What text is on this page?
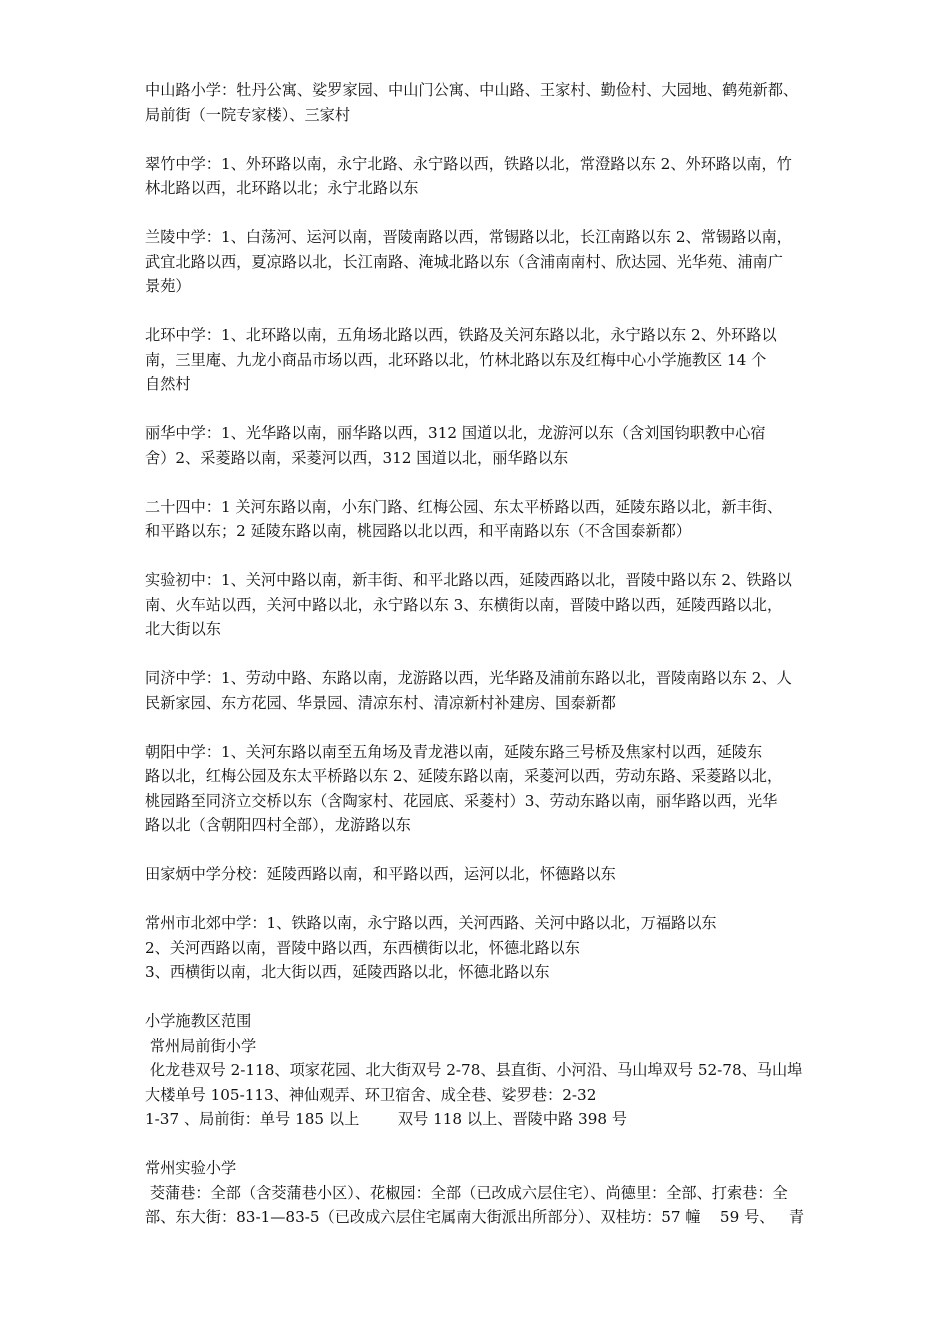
中山路小学：牡丹公寓、娑罗家园、中山门公寓、中山路、王家村、勤俭村、大园地、鹤苑新都、
局前街（一院专家楼）、三家村

翠竹中学：1、外环路以南，永宁北路、永宁路以西，铁路以北，常澄路以东 2、外环路以南，竹
林北路以西，北环路以北；永宁北路以东

兰陵中学：1、白荡河、运河以南，晋陵南路以西，常锡路以北，长江南路以东 2、常锡路以南，
武宜北路以西，夏凉路以北，长江南路、淹城北路以东（含浦南南村、欣达园、光华苑、浦南广
景苑）

北环中学：1、北环路以南，五角场北路以西，铁路及关河东路以北，永宁路以东 2、外环路以
南，三里庵、九龙小商品市场以西，北环路以北，竹林北路以东及红梅中心小学施教区 14 个
自然村

丽华中学：1、光华路以南，丽华路以西，312 国道以北，龙游河以东（含刘国钧职教中心宿
舍）2、采菱路以南，采菱河以西，312 国道以北，丽华路以东

二十四中：1 关河东路以南，小东门路、红梅公园、东太平桥路以西，延陵东路以北，新丰街、
和平路以东；2 延陵东路以南，桃园路以北以西，和平南路以东（不含国泰新都）

实验初中：1、关河中路以南，新丰街、和平北路以西，延陵西路以北，晋陵中路以东 2、铁路以
南、火车站以西，关河中路以北，永宁路以东 3、东横街以南，晋陵中路以西，延陵西路以北，
北大街以东

同济中学：1、劳动中路、东路以南，龙游路以西，光华路及浦前东路以北，晋陵南路以东 2、人
民新家园、东方花园、华景园、清凉东村、清凉新村补建房、国泰新都

朝阳中学：1、关河东路以南至五角场及青龙港以南，延陵东路三号桥及焦家村以西，延陵东
路以北，红梅公园及东太平桥路以东 2、延陵东路以南，采菱河以西，劳动东路、采菱路以北，
桃园路至同济立交桥以东（含陶家村、花园底、采菱村）3、劳动东路以南，丽华路以西，光华
路以北（含朝阳四村全部），龙游路以东

田家炳中学分校：延陵西路以南，和平路以西，运河以北，怀德路以东

常州市北郊中学：1、铁路以南，永宁路以西，关河西路、关河中路以北，万福路以东
2、关河西路以南，晋陵中路以西，东西横街以北，怀德北路以东
3、西横街以南，北大街以西，延陵西路以北，怀德北路以东

小学施教区范围
常州局前街小学
化龙巷双号 2-118、项家花园、北大街双号 2-78、县直街、小河沿、马山埠双号 52-78、马山埠
大楼单号 105-113、神仙观弄、环卫宿舍、成全巷、娑罗巷：2-32
1-37 、局前街：单号 185 以上        双号 118 以上、晋陵中路 398 号
常州实验小学
茭蒲巷：全部（含茭蒲巷小区）、花椒园：全部（已改成六层住宅）、尚德里：全部、打索巷：全
部、东大街：83-1—83-5（已改成六层住宅属南大街派出所部分）、双桂坊：57 幢    59 号、   青
